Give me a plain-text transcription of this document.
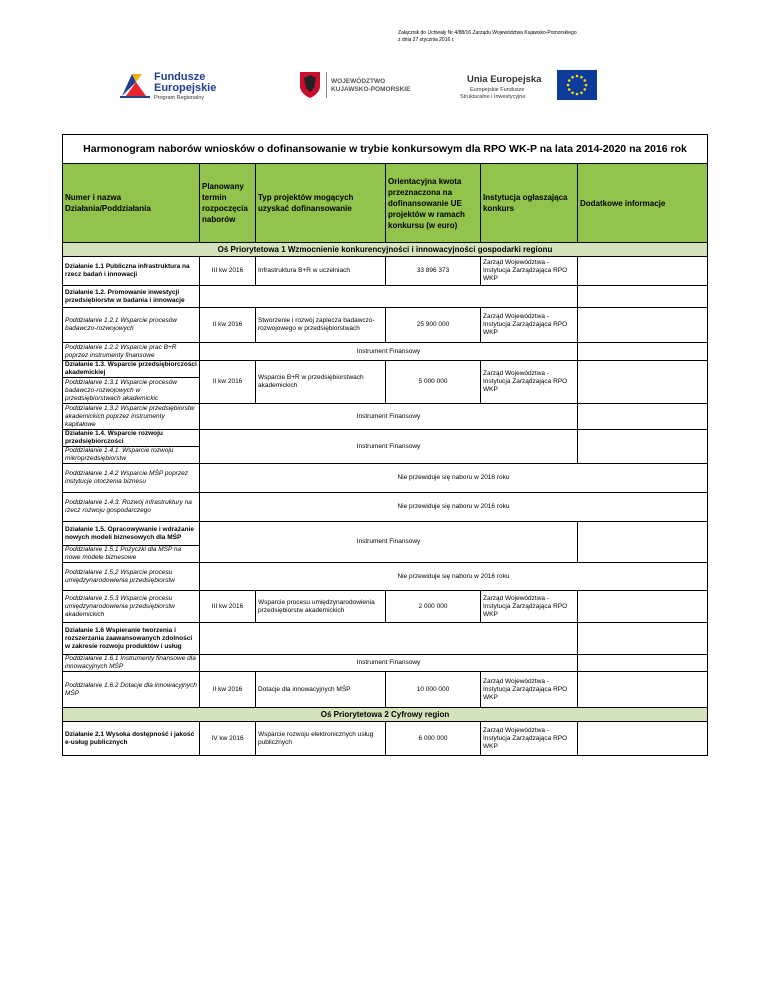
Załącznik do Uchwały Nr 4/88/16 Zarządu Województwa Kujawsko-Pomorskiego
z dnia 27 stycznia 2016 r.
Fundusze
Europejskie
Program Regionalny
WOJEWÓDZTWO
KUJAWSKO-POMORSKIE
Unia Europejska
Europejskie Fundusze
Strukturalne i Inwestycyjne
Harmonogram naborów wniosków o dofinansowanie w trybie konkursowym dla RPO WK-P na lata 2014-2020 na 2016 rok					
Numer i nazwa Działania/Poddziałania	Planowany termin rozpoczęcia naborów	Typ projektów mogących uzyskać dofinansowanie	Orientacyjna kwota przeznaczona na dofinansowanie UE projektów w ramach konkursu (w euro)	Instytucja ogłaszająca konkurs	Dodatkowe informacje
Oś Priorytetowa 1 Wzmocnienie konkurencyjności i innowacyjności gospodarki regionu					
Działanie 1.1 Publiczna infrastruktura na rzecz badań i innowacji	III kw 2016	Infrastruktura B+R w uczelniach	33 896 373	Zarząd Województwa - Instytucja Zarządzająca RPO WKP	
Działanie 1.2. Promowanie inwestycji przedsiębiorstw w badania i innowacje					
Poddziałanie 1.2.1 Wsparcie procesów badawczo-rozwojowych	II kw 2016	Stworzenie i rozwój zaplecza badawczo-rozwojowego w przedsiębiorstwach	25 900 000	Zarząd Województwa - Instytucja Zarządzająca RPO WKP	
Poddziałanie 1.2.2 Wsparcie prac B+R poprzez instrumenty finansowe	Instrument Finansowy				
Działanie 1.3. Wsparcie przedsiębiorczości akademickiej	II kw 2016	Wsparcie B+R w przedsiębiorstwach akademickich	5 000 000	Zarząd Województwa - Instytucja Zarządzająca RPO WKP	
Poddziałanie 1.3.1 Wsparcie procesów badawczo-rozwojowych w przedsiębiorstwach akademickic					
Poddziałanie 1.3.2 Wsparcie przedsiębiorstw akademickich poprzez instrumenty kapitałowe	Instrument Finansowy				
Działanie 1.4. Wsparcie rozwoju przedsiębiorczości	Instrument Finansowy				
Poddziałanie 1.4.1. Wsparcie rozwoju mikroprzedsiębiorstw					
Poddziałanie 1.4.2 Wsparcie MŚP poprzez instytucje otoczenia biznesu	Nie przewiduje się naboru w 2016 roku				
Poddziałanie 1.4.3. Rozwój infrastruktury na rzecz rozwoju gospodarczego	Nie przewiduje się naboru w 2016 roku				
Działanie 1.5. Opracowywanie i wdrażanie nowych modeli biznesowych dla MŚP	Instrument Finansowy				
Poddziałanie 1.5.1 Pożyczki dla MŚP na nowe modele biznesowe					
Poddziałanie 1.5.2 Wsparcie procesu umiędzynarodowienia przedsiębiorstw	Nie przewiduje się naboru w 2016 roku				
Poddziałanie 1.5.3 Wsparcie procesu umiędzynarodowienia przedsiębiorstw akademickich	III kw 2016	Wsparcie procesu umiędzynarodowienia przedsiębiorstw akademickich	2 000 000	Zarząd Województwa - Instytucja Zarządzająca RPO WKP	
Działanie 1.6 Wspieranie tworzenia i rozszerzania zaawansowanych zdolności w zakresie rozwoju produktów i usług					
Poddziałanie 1.6.1 Instrumenty finansowe dla innowacyjnych MŚP	Instrument Finansowy				
Poddziałanie 1.6.2 Dotacje dla innowacyjnych MŚP	II kw 2016	Dotacje dla innowacyjnych MŚP	10 000 000	Zarząd Województwa - Instytucja Zarządzająca RPO WKP	
Oś Priorytetowa 2 Cyfrowy region					
Działanie 2.1 Wysoka dostępność i jakość e-usług publicznych	IV kw 2016	Wsparcie rozwoju elektronicznych usług publicznych	6 000 000	Zarząd Województwa - Instytucja Zarządzająca RPO WKP	
